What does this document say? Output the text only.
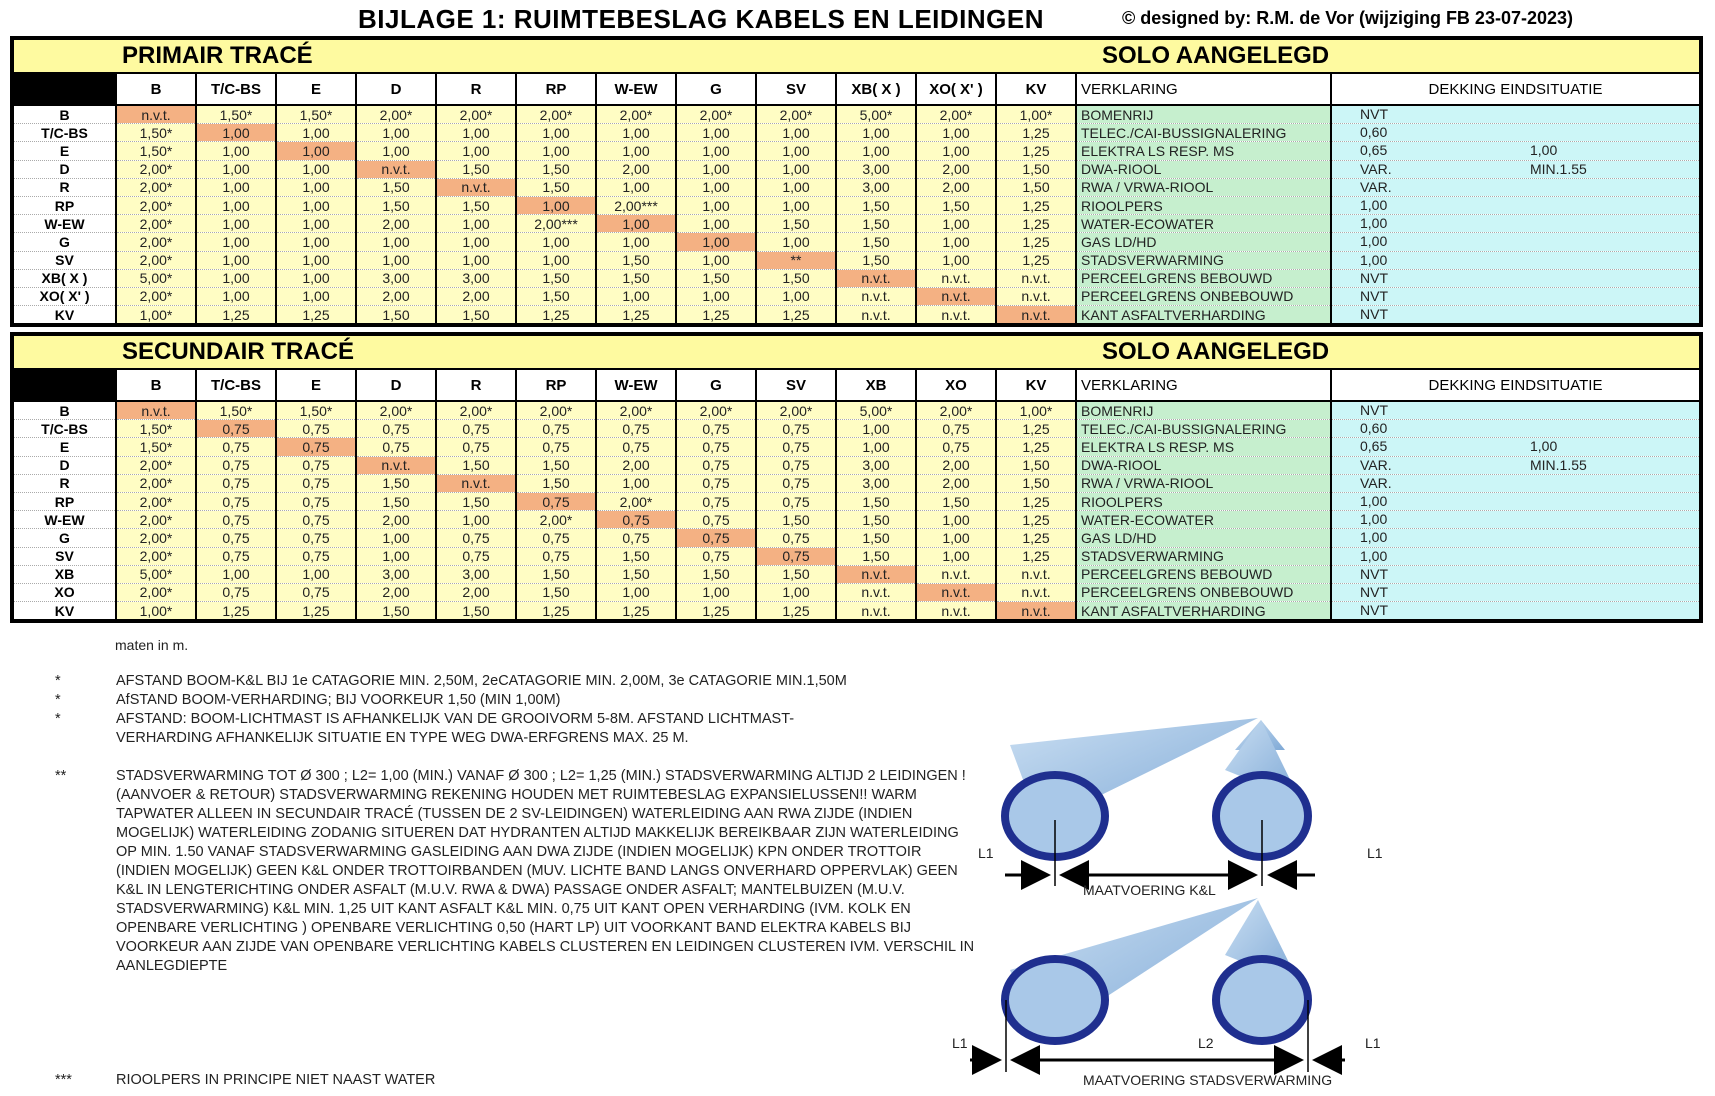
BIJLAGE 1: RUIMTEBESLAG KABELS EN LEIDINGEN	© designed by: R.M. de Vor (wijziging FB 23-07-2023)
PRIMAIR TRACÉ SOLO AANGELEGD														

	B	T/C-BS	E	D	R	RP	W-EW	G	SV	XB( X )	XO( X' )	KV	VERKLARING	DEKKING EINDSITUATIE
B	n.v.t.	1,50*	1,50*	2,00*	2,00*	2,00*	2,00*	2,00*	2,00*	5,00*	2,00*	1,00*	BOMENRIJ	NVT

T/C-BS	1,50*	1,00	1,00	1,00	1,00	1,00	1,00	1,00	1,00	1,00	1,00	1,25	TELEC./CAI-BUSSIGNALERING	0,60

E	1,50*	1,00	1,00	1,00	1,00	1,00	1,00	1,00	1,00	1,00	1,00	1,25	ELEKTRA LS RESP. MS	0,65 1,00

D	2,00*	1,00	1,00	n.v.t.	1,50	1,50	2,00	1,00	1,00	3,00	2,00	1,50	DWA-RIOOL	VAR. MIN.1.55

R	2,00*	1,00	1,00	1,50	n.v.t.	1,50	1,00	1,00	1,00	3,00	2,00	1,50	RWA / VRWA-RIOOL	VAR.

RP	2,00*	1,00	1,00	1,50	1,50	1,00	2,00***	1,00	1,00	1,50	1,50	1,25	RIOOLPERS	1,00

W-EW	2,00*	1,00	1,00	2,00	1,00	2,00***	1,00	1,00	1,50	1,50	1,00	1,25	WATER-ECOWATER	1,00

G	2,00*	1,00	1,00	1,00	1,00	1,00	1,00	1,00	1,00	1,50	1,00	1,25	GAS LD/HD	1,00

SV	2,00*	1,00	1,00	1,00	1,00	1,00	1,50	1,00	**	1,50	1,00	1,25	STADSVERWARMING	1,00

XB( X )	5,00*	1,00	1,00	3,00	3,00	1,50	1,50	1,50	1,50	n.v.t.	n.v.t.	n.v.t.	PERCEELGRENS BEBOUWD	NVT

XO( X' )	2,00*	1,00	1,00	2,00	2,00	1,50	1,00	1,00	1,00	n.v.t.	n.v.t.	n.v.t.	PERCEELGRENS ONBEBOUWD	NVT

KV	1,00*	1,25	1,25	1,50	1,50	1,25	1,25	1,25	1,25	n.v.t.	n.v.t.	n.v.t.	KANT ASFALTVERHARDING	NVT
SECUNDAIR TRACÉ SOLO AANGELEGD														

	B	T/C-BS	E	D	R	RP	W-EW	G	SV	XB	XO	KV	VERKLARING	DEKKING EINDSITUATIE
B	n.v.t.	1,50*	1,50*	2,00*	2,00*	2,00*	2,00*	2,00*	2,00*	5,00*	2,00*	1,00*	BOMENRIJ	NVT

T/C-BS	1,50*	0,75	0,75	0,75	0,75	0,75	0,75	0,75	0,75	1,00	0,75	1,25	TELEC./CAI-BUSSIGNALERING	0,60

E	1,50*	0,75	0,75	0,75	0,75	0,75	0,75	0,75	0,75	1,00	0,75	1,25	ELEKTRA LS RESP. MS	0,65 1,00

D	2,00*	0,75	0,75	n.v.t.	1,50	1,50	2,00	0,75	0,75	3,00	2,00	1,50	DWA-RIOOL	VAR. MIN.1.55

R	2,00*	0,75	0,75	1,50	n.v.t.	1,50	1,00	0,75	0,75	3,00	2,00	1,50	RWA / VRWA-RIOOL	VAR.

RP	2,00*	0,75	0,75	1,50	1,50	0,75	2,00*	0,75	0,75	1,50	1,50	1,25	RIOOLPERS	1,00

W-EW	2,00*	0,75	0,75	2,00	1,00	2,00*	0,75	0,75	1,50	1,50	1,00	1,25	WATER-ECOWATER	1,00

G	2,00*	0,75	0,75	1,00	0,75	0,75	0,75	0,75	0,75	1,50	1,00	1,25	GAS LD/HD	1,00

SV	2,00*	0,75	0,75	1,00	0,75	0,75	1,50	0,75	0,75	1,50	1,00	1,25	STADSVERWARMING	1,00

XB	5,00*	1,00	1,00	3,00	3,00	1,50	1,50	1,50	1,50	n.v.t.	n.v.t.	n.v.t.	PERCEELGRENS BEBOUWD	NVT

XO	2,00*	0,75	0,75	2,00	2,00	1,50	1,00	1,00	1,00	n.v.t.	n.v.t.	n.v.t.	PERCEELGRENS ONBEBOUWD	NVT

KV	1,00*	1,25	1,25	1,50	1,50	1,25	1,25	1,25	1,25	n.v.t.	n.v.t.	n.v.t.	KANT ASFALTVERHARDING	NVT
maten in m.
*	AFSTAND BOOM-K&L BIJ 1e CATAGORIE MIN. 2,50M, 2eCATAGORIE MIN. 2,00M, 3e CATAGORIE MIN.1,50M
*	AfSTAND BOOM-VERHARDING; BIJ VOORKEUR 1,50 (MIN 1,00M)
*	AFSTAND: BOOM-LICHTMAST IS AFHANKELIJK VAN DE GROOIVORM 5-8M. AFSTAND LICHTMAST-VERHARDING AFHANKELIJK SITUATIE EN TYPE WEG DWA-ERFGRENS MAX. 25 M.
**	STADSVERWARMING TOT Ø 300 ; L2= 1,00 (MIN.) VANAF Ø 300 ; L2= 1,25 (MIN.) STADSVERWARMING ALTIJD 2 LEIDINGEN ! (AANVOER & RETOUR) STADSVERWARMING REKENING HOUDEN MET RUIMTEBESLAG EXPANSIELUSSEN!! WARM TAPWATER ALLEEN IN SECUNDAIR TRACÉ (TUSSEN DE 2 SV-LEIDINGEN) WATERLEIDING AAN RWA ZIJDE (INDIEN MOGELIJK) WATERLEIDING ZODANIG SITUEREN DAT HYDRANTEN ALTIJD MAKKELIJK BEREIKBAAR ZIJN WATERLEIDING OP MIN. 1.50 VANAF STADSVERWARMING GASLEIDING AAN DWA ZIJDE (INDIEN MOGELIJK) KPN ONDER TROTTOIR (INDIEN MOGELIJK) GEEN K&L ONDER TROTTOIRBANDEN (MUV. LICHTE BAND LANGS ONVERHARD OPPERVLAK) GEEN K&L IN LENGTERICHTING ONDER ASFALT (M.U.V. RWA & DWA) PASSAGE ONDER ASFALT; MANTELBUIZEN (M.U.V. STADSVERWARMING) K&L MIN. 1,25 UIT KANT ASFALT K&L MIN. 0,75 UIT KANT OPEN VERHARDING (IVM. KOLK EN OPENBARE VERLICHTING ) OPENBARE VERLICHTING 0,50 (HART LP) UIT VOORKANT BAND ELEKTRA KABELS BIJ VOORKEUR AAN ZIJDE VAN OPENBARE VERLICHTING KABELS CLUSTEREN EN LEIDINGEN CLUSTEREN IVM. VERSCHIL IN AANLEGDIEPTE
***	RIOOLPERS IN PRINCIPE NIET NAAST WATER
L1	L1
MAATVOERING K&L
L1	L1
L2
MAATVOERING STADSVERWARMING
